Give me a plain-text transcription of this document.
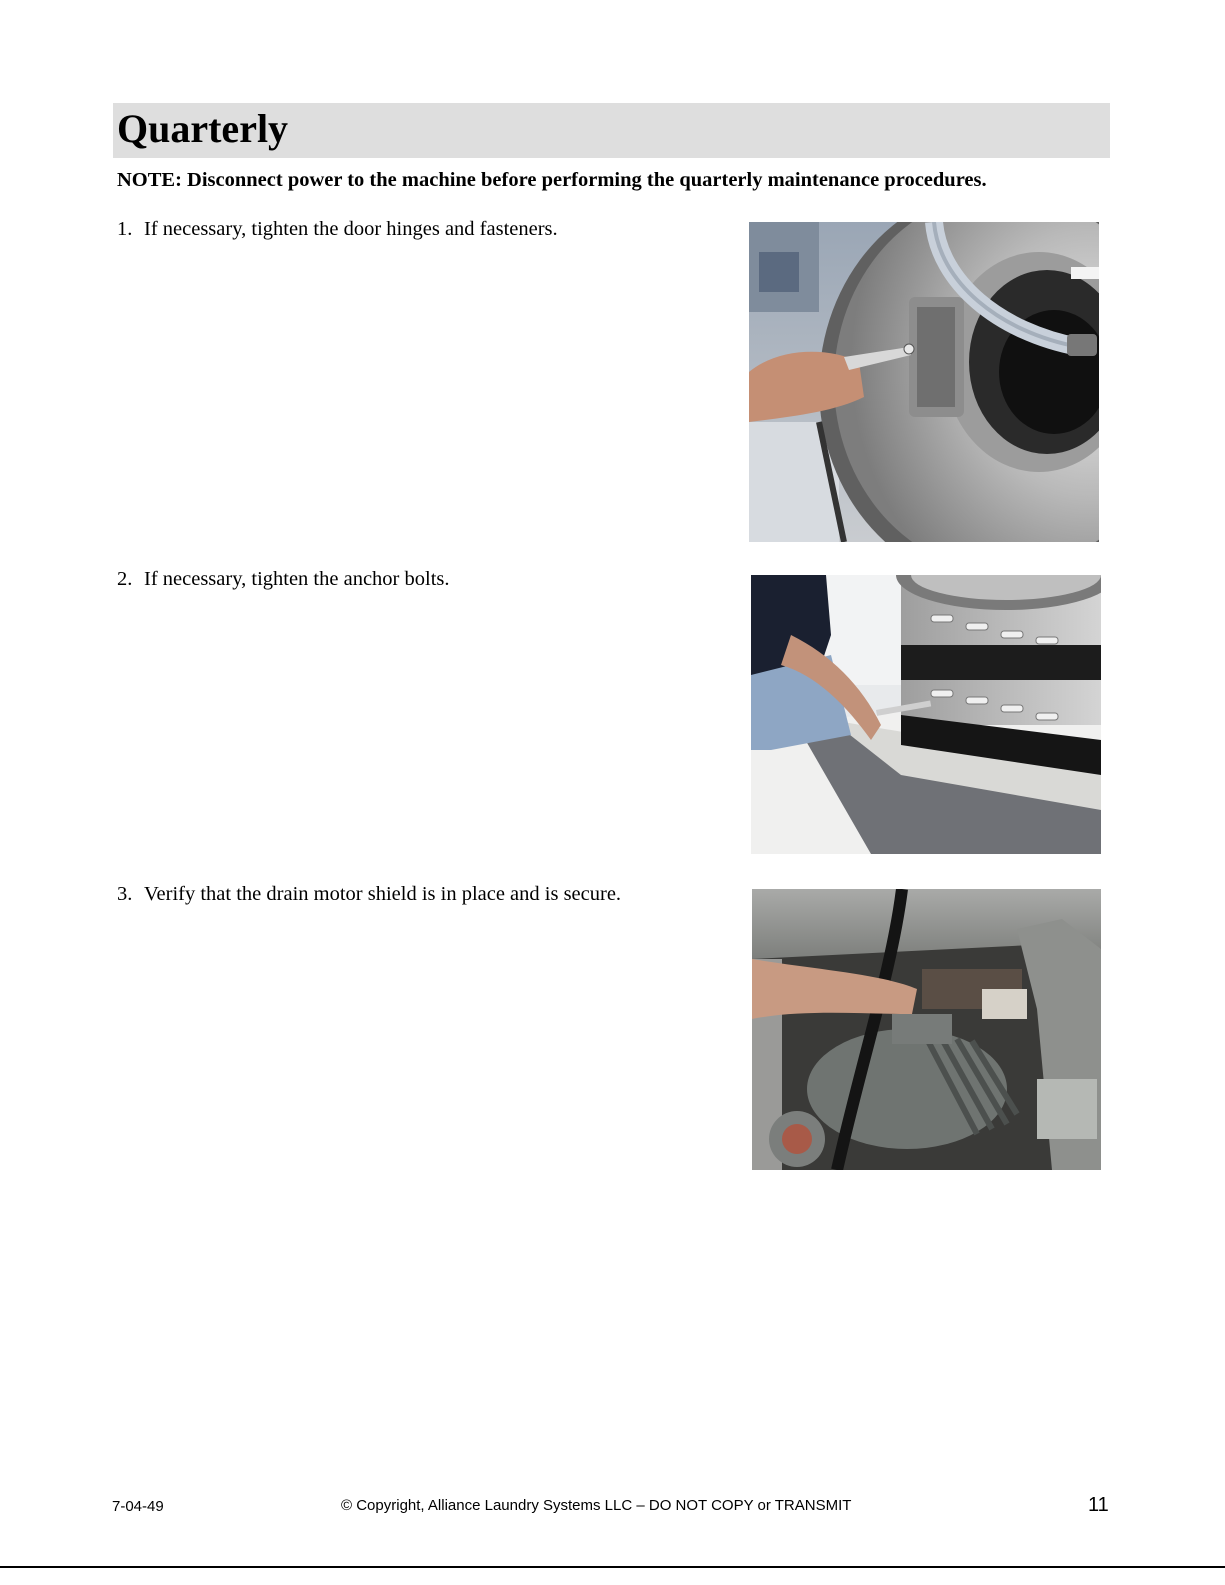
Quarterly
NOTE: Disconnect power to the machine before performing the quarterly maintenance procedures.
1. If necessary, tighten the door hinges and fasteners.
2. If necessary, tighten the anchor bolts.
3. Verify that the drain motor shield is in place and is secure.
7-04-49	© Copyright, Alliance Laundry Systems LLC – DO NOT COPY or TRANSMIT	11
